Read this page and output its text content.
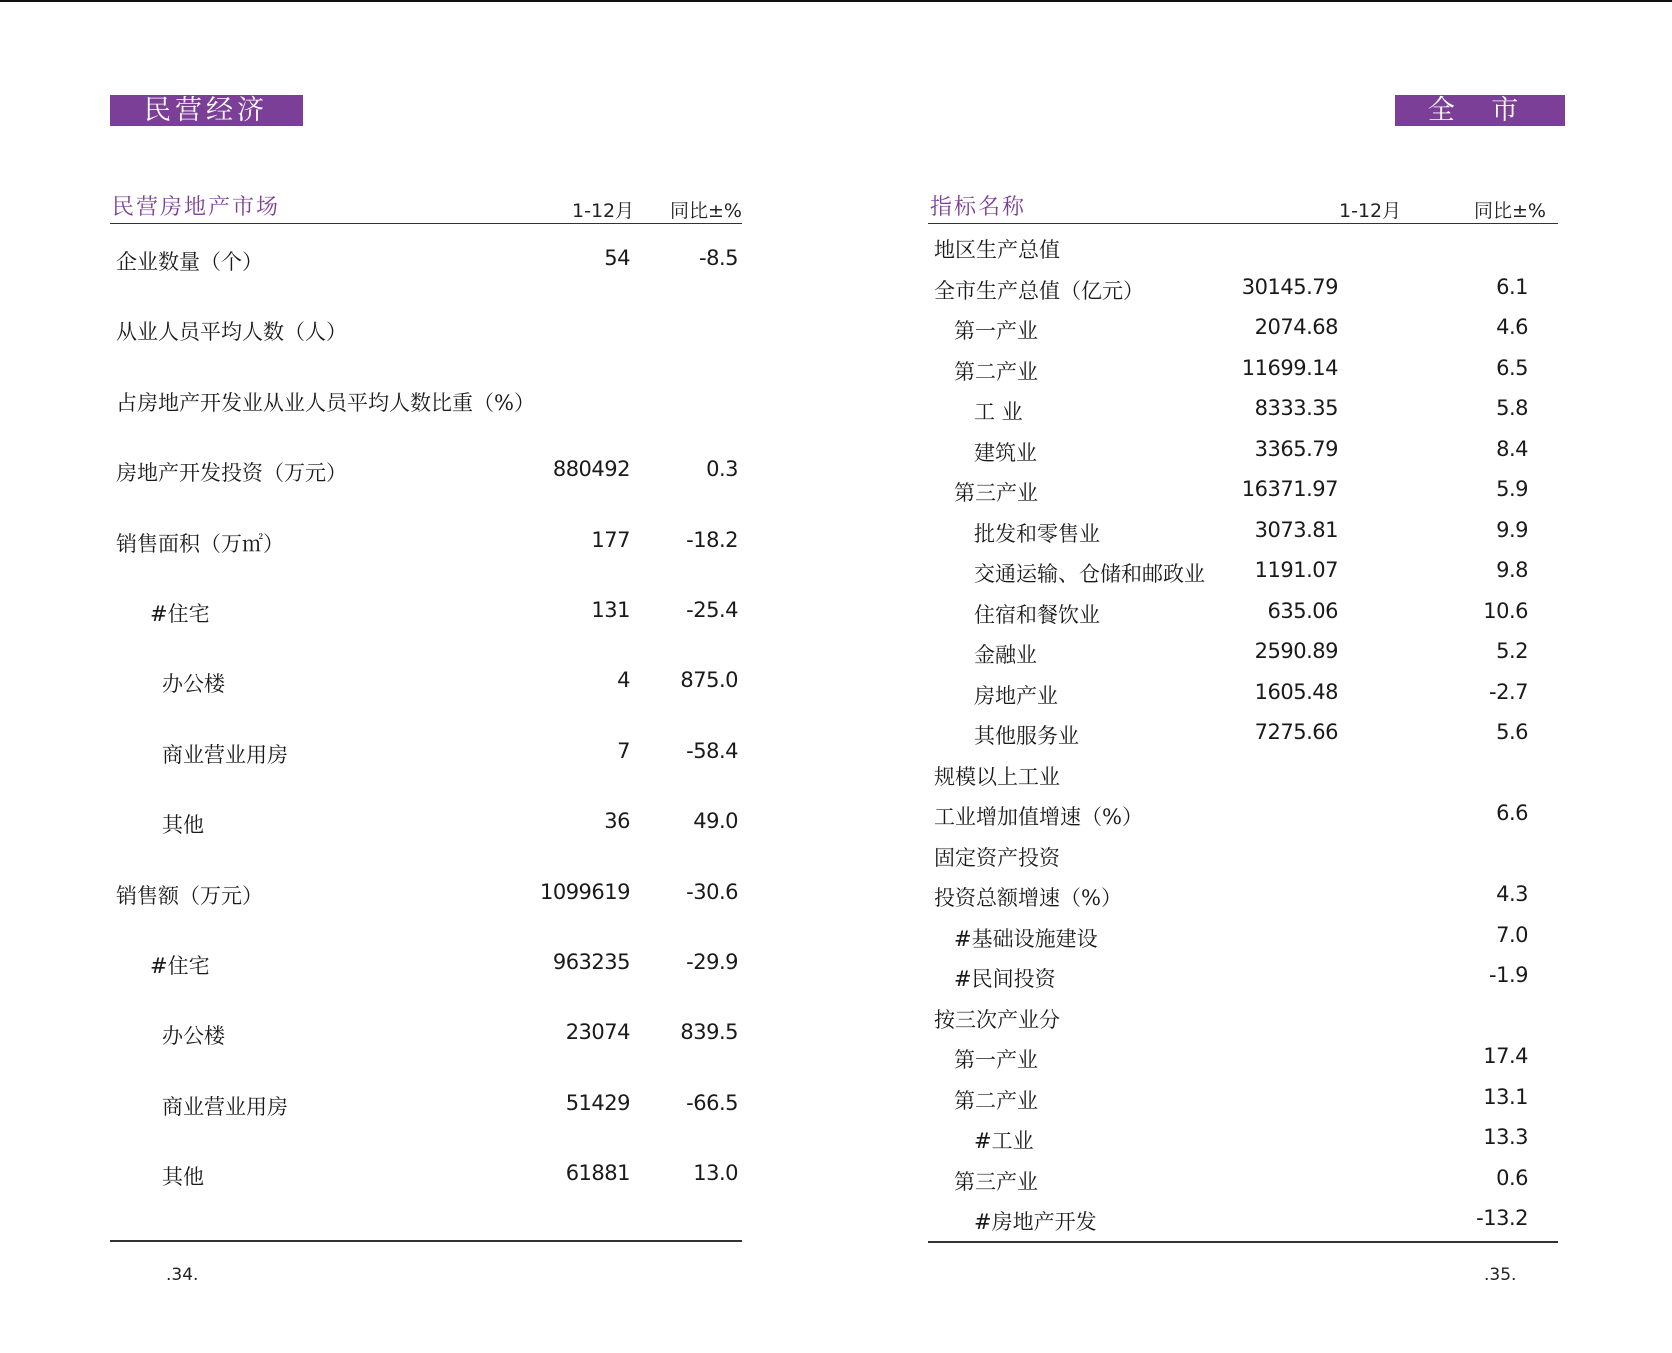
民营经济	全 市
民营房地产市场	1-12月 同比±%
企业数量（个）	54	-8.5
从业人员平均人数（人）
占房地产开发业从业人员平均人数比重（%）
房地产开发投资（万元）	880492	0.3
销售面积（万㎡）	177	-18.2
#住宅	131	-25.4
办公楼	4 875.0
商业营业用房	7	-58.4
其他	36	49.0
销售额（万元）	1099619	-30.6
#住宅	963235	-29.9
办公楼	23074 839.5
商业营业用房	51429	-66.5
其他	61881	13.0
指标名称	1-12月	同比±%
地区生产总值
全市生产总值（亿元）	30145.79	6.1
第一产业	2074.68	4.6
第二产业	11699.14	6.5
工 业	8333.35	5.8
建筑业	3365.79	8.4
第三产业	16371.97	5.9
批发和零售业	3073.81	9.9
交通运输、仓储和邮政业 1191.07	9.8
住宿和餐饮业	635.06	10.6
金融业	2590.89	5.2
房地产业	1605.48	-2.7
其他服务业	7275.66	5.6
规模以上工业
工业增加值增速（%）	6.6
固定资产投资
投资总额增速（%）	4.3
#基础设施建设	7.0
#民间投资	-1.9
按三次产业分
第一产业	17.4
第二产业	13.1
#工业	13.3
第三产业	0.6
#房地产开发	-13.2
.34.	.35.
